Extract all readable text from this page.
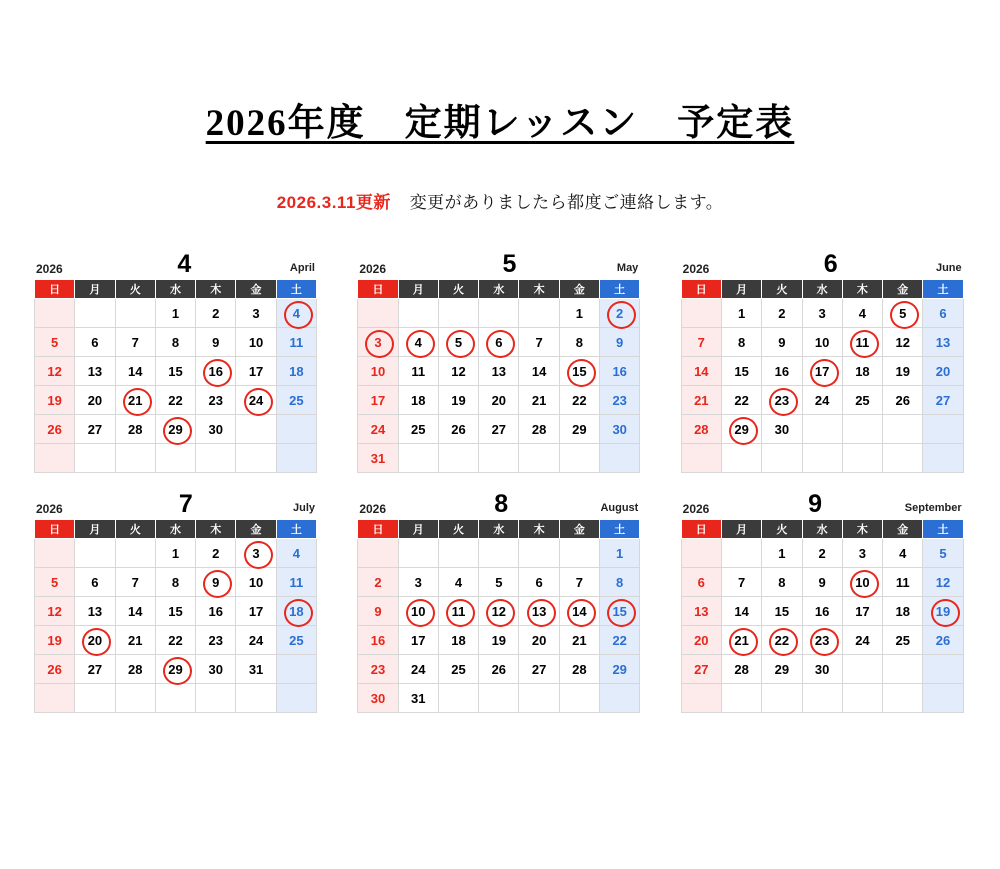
2026年度　定期レッスン　予定表
2026.3.11更新 変更がありましたら都度ご連絡します。
2026	4	April
日	月	火	水	木	金	土
			1	2	3	4
5	6	7	8	9	10	11
12	13	14	15	16	17	18
19	20	21	22	23	24	25
26	27	28	29	30		

2026	5	May
日	月	火	水	木	金	土
					1	2
3	4	5	6	7	8	9
10	11	12	13	14	15	16
17	18	19	20	21	22	23
24	25	26	27	28	29	30
31						
2026	6	June
日	月	火	水	木	金	土
	1	2	3	4	5	6
7	8	9	10	11	12	13
14	15	16	17	18	19	20
21	22	23	24	25	26	27
28	29	30				

2026	7	July
日	月	火	水	木	金	土
			1	2	3	4
5	6	7	8	9	10	11
12	13	14	15	16	17	18
19	20	21	22	23	24	25
26	27	28	29	30	31	

2026	8	August
日	月	火	水	木	金	土
						1
2	3	4	5	6	7	8
9	10	11	12	13	14	15
16	17	18	19	20	21	22
23	24	25	26	27	28	29
30	31					
2026	9	September
日	月	火	水	木	金	土
		1	2	3	4	5
6	7	8	9	10	11	12
13	14	15	16	17	18	19
20	21	22	23	24	25	26
27	28	29	30			
